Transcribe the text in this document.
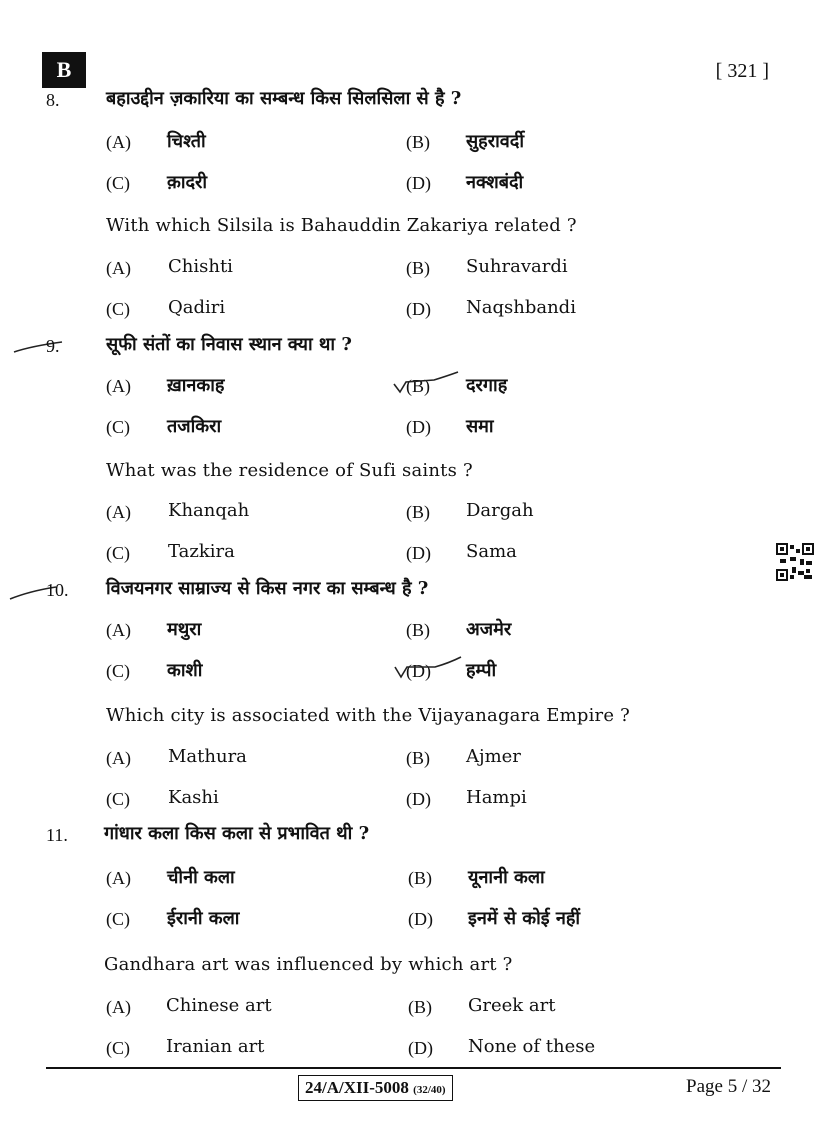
B	[ 321 ]
8.	बहाउद्दीन ज़कारिया का सम्बन्ध किस सिलसिला से है ?
(A) चिश्ती	(B) सुहरावर्दी
(C) क़ादरी	(D) नक्शबंदी
With which Silsila is Bahauddin Zakariya related ?
(A) Chishti	(B) Suhravardi
(C) Qadiri	(D) Naqshbandi
9.	सूफी संतों का निवास स्थान क्या था ?
(A) ख़ानकाह	(B) दरगाह
(C) तजकिरा	(D) समा
What was the residence of Sufi saints ?
(A) Khanqah	(B) Dargah
(C) Tazkira	(D) Sama
10. विजयनगर साम्राज्य से किस नगर का सम्बन्ध है ?
(A) मथुरा	(B) अजमेर
(C) काशी	(D) हम्पी
Which city is associated with the Vijayanagara Empire ?
(A) Mathura	(B) Ajmer
(C) Kashi	(D) Hampi
11. गांधार कला किस कला से प्रभावित थी ?
(A) चीनी कला	(B) यूनानी कला
(C) ईरानी कला	(D) इनमें से कोई नहीं
Gandhara art was influenced by which art ?
(A) Chinese art	(B) Greek art
(C) Iranian art	(D) None of these
24/A/XII-5008 (32/40)	Page 5 / 32
